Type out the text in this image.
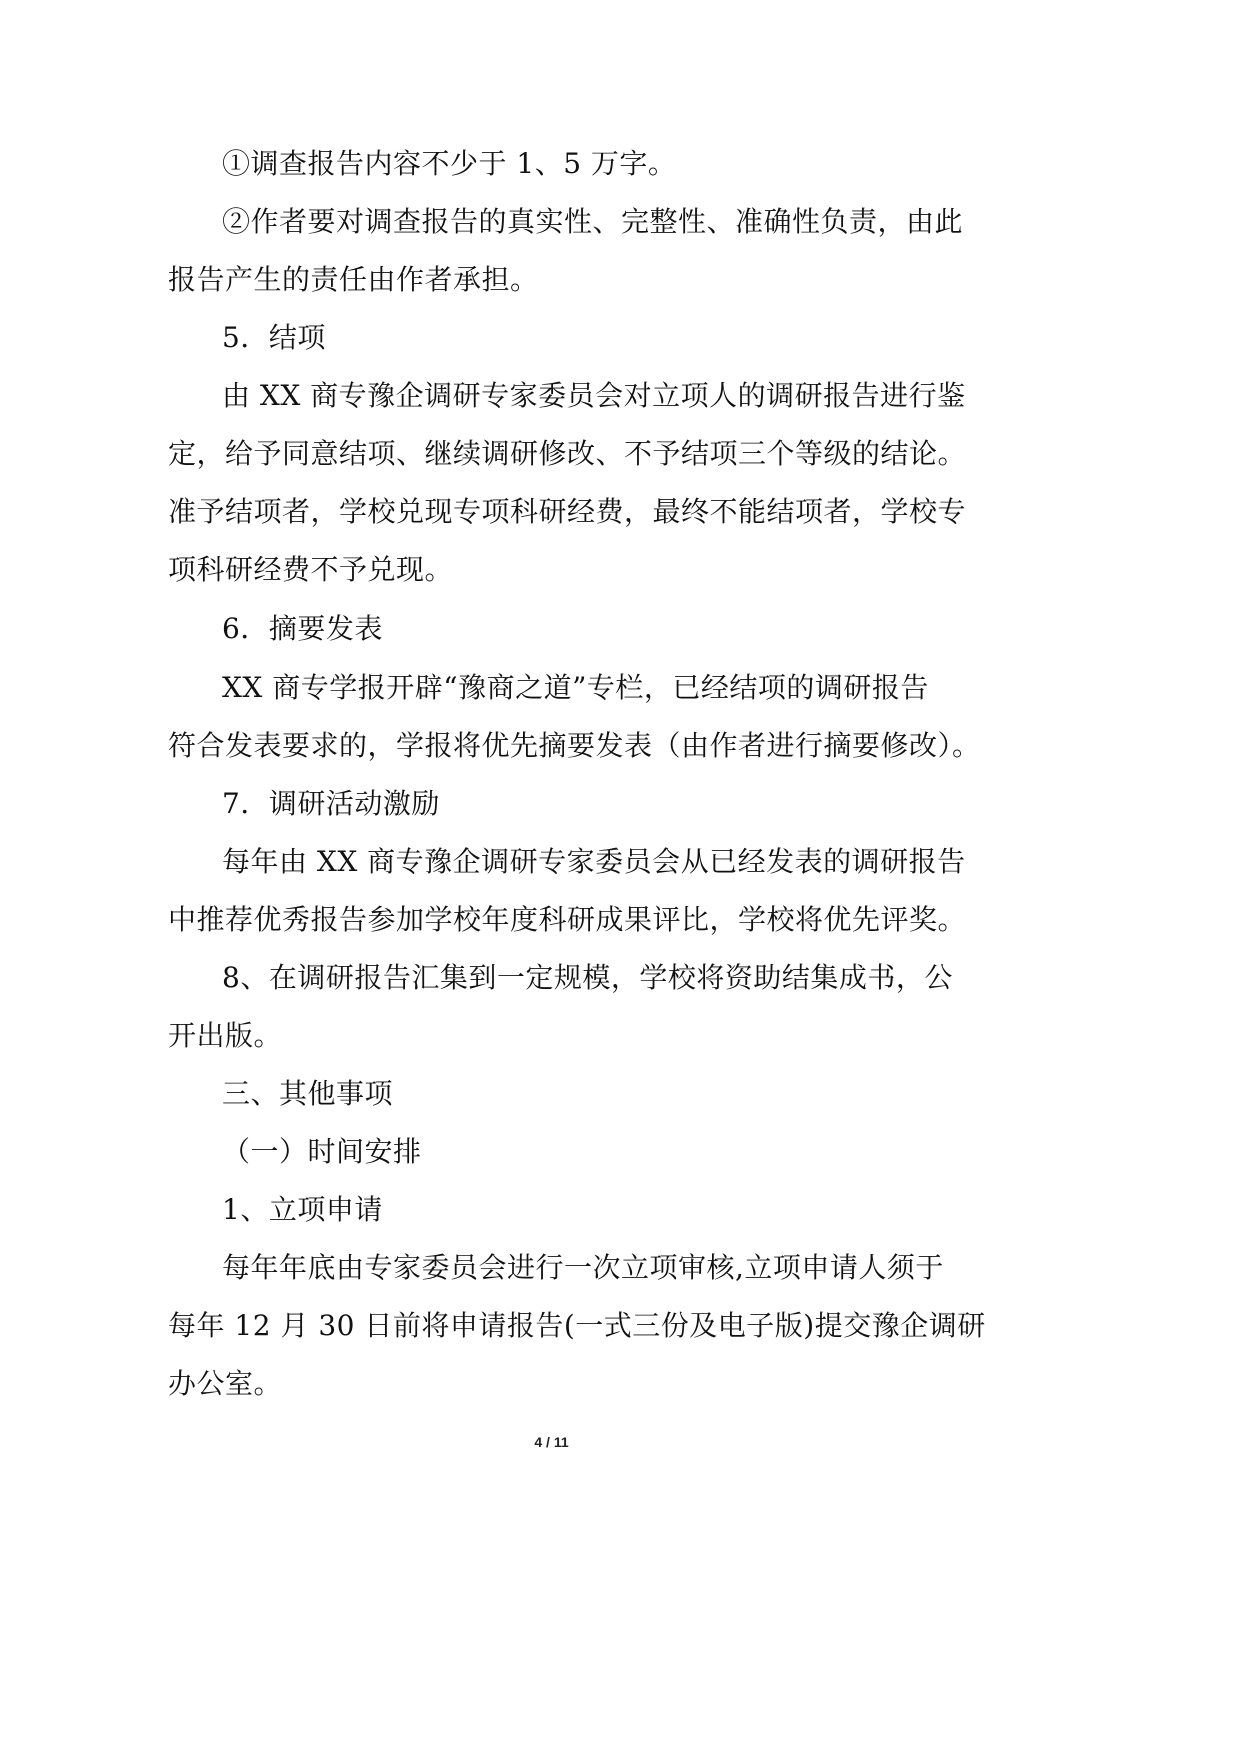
①调查报告内容不少于 1、5 万字。
②作者要对调查报告的真实性、完整性、准确性负责，由此
报告产生的责任由作者承担。
5．结项
由 XX 商专豫企调研专家委员会对立项人的调研报告进行鉴
定，给予同意结项、继续调研修改、不予结项三个等级的结论。
准予结项者，学校兑现专项科研经费，最终不能结项者，学校专
项科研经费不予兑现。
6．摘要发表
XX 商专学报开辟“豫商之道”专栏，已经结项的调研报告
符合发表要求的，学报将优先摘要发表（由作者进行摘要修改）。
7．调研活动激励
每年由 XX 商专豫企调研专家委员会从已经发表的调研报告
中推荐优秀报告参加学校年度科研成果评比，学校将优先评奖。
8、在调研报告汇集到一定规模，学校将资助结集成书，公
开出版。
三、其他事项
（一）时间安排
1、立项申请
每年年底由专家委员会进行一次立项审核,立项申请人须于
每年 12 月 30 日前将申请报告(一式三份及电子版)提交豫企调研
办公室。
4 / 11
